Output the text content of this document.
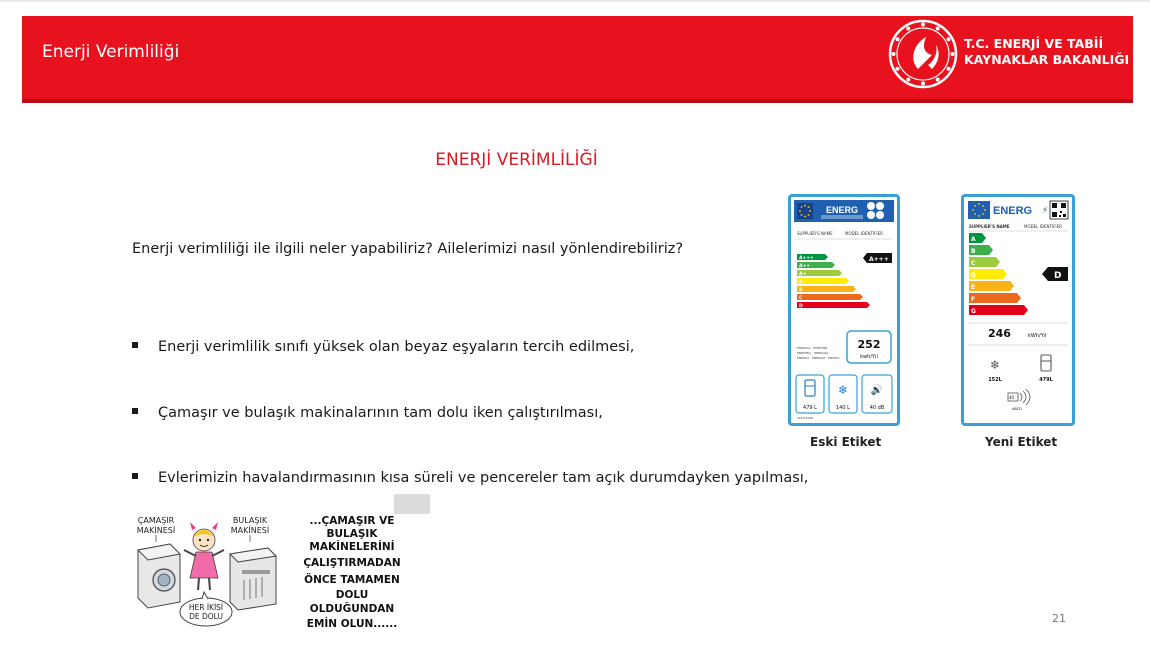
Enerji Verimliliği	T.C. ENERJİ VE TABİİ
KAYNAKLAR BAKANLIĞI
ENERJİ VERİMLİLİĞİ
Enerji verimliliği ile ilgili neler yapabiliriz? Ailelerimizi nasıl yönlendirebiliriz?
Enerji verimlilik sınıfı yüksek olan beyaz eşyaların tercih edilmesi,
Çamaşır ve bulaşık makinalarının tam dolu iken çalıştırılması,
Evlerimizin havalandırmasının kısa süreli ve pencereler tam açık durumdayken yapılması,
ENERG
SUPPLIER'S NAME	MODEL IDENTIFIER
A+++
A++
A+
A
B
C
D
A+++
252
kwh/Yıl
ENERGIA · ЕНЕРГИЯ
ΕΝΕΡΓΕΙΑ · ENERGIJA
ENERGY · ENERGIE · ENERGI
❄ 🔊
479 L	140 L	40 dB
2010/1060
Eski Etiket
ENERG ⚡
SUPPLIER'S NAME	MODEL IDENTIFIER
A
B
C
D
E
F
G
D
246	kWh/Yıl
❄
152L	479L
40
ABCD
Yeni Etiket
ÇAMAŞIR
MAKİNESİ
BULAŞIK
MAKİNESİ
HER İKİSİ
DE DOLU
...ÇAMAŞIR VE
BULAŞIK
MAKİNELERİNİ
ÇALIŞTIRMADAN
ÖNCE TAMAMEN
DOLU
OLDUĞUNDAN
EMİN OLUN......	21
